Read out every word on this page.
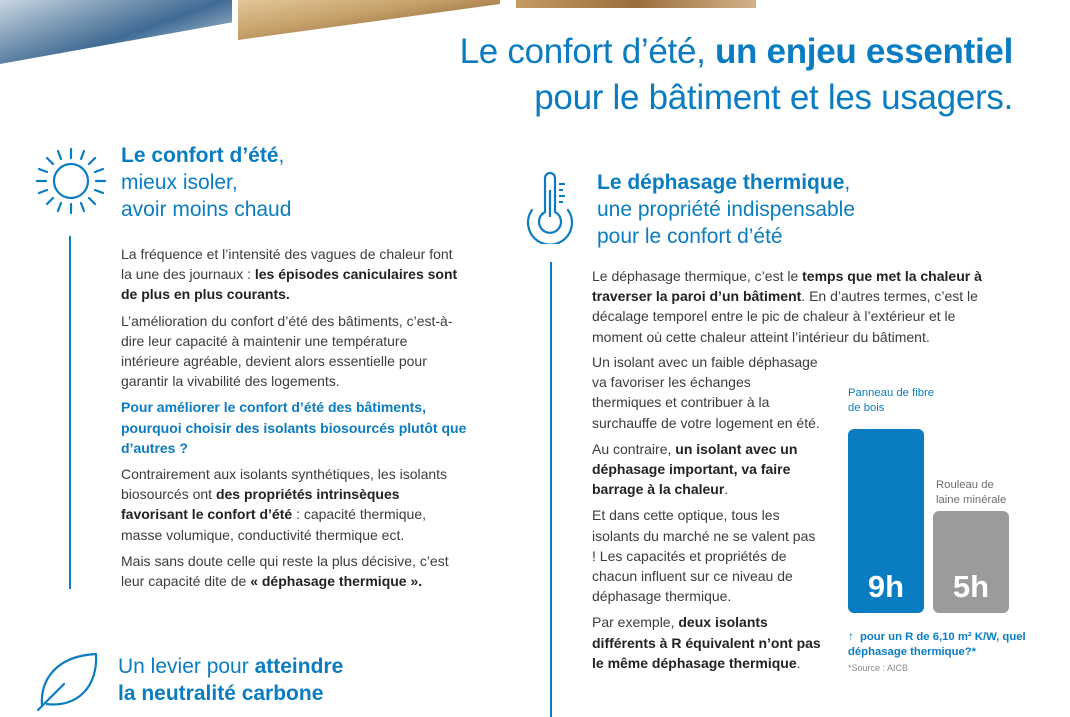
Le confort d’été, un enjeu essentiel
pour le bâtiment et les usagers.
Le confort d’été,
mieux isoler,
avoir moins chaud

La fréquence et l’intensité des vagues de chaleur font la une des journaux : les épisodes caniculaires sont de plus en plus courants.

L’amélioration du confort d’été des bâtiments, c’est-à-dire leur capacité à maintenir une température intérieure agréable, devient alors essentielle pour garantir la vivabilité des logements.

Pour améliorer le confort d’été des bâtiments, pourquoi choisir des isolants biosourcés plutôt que d’autres ?

Contrairement aux isolants synthétiques, les isolants biosourcés ont des propriétés intrinsèques favorisant le confort d’été : capacité thermique, masse volumique, conductivité thermique ect.

Mais sans doute celle qui reste la plus décisive, c’est leur capacité dite de « déphasage thermique ».

Un levier pour atteindre
la neutralité carbone
Le déphasage thermique,
une propriété indispensable
pour le confort d’été

Le déphasage thermique, c’est le temps que met la chaleur à traverser la paroi d’un bâtiment. En d’autres termes, c’est le décalage temporel entre le pic de chaleur à l’extérieur et le moment où cette chaleur atteint l’intérieur du bâtiment.

Un isolant avec un faible déphasage va favoriser les échanges thermiques et contribuer à la surchauffe de votre logement en été.

Au contraire, un isolant avec un déphasage important, va faire barrage à la chaleur.

Et dans cette optique, tous les isolants du marché ne se valent pas ! Les capacités et propriétés de chacun influent sur ce niveau de déphasage thermique.

Par exemple, deux isolants différents à R équivalent n’ont pas le même déphasage thermique.

Panneau de fibre de bois
Rouleau de laine minérale
9h	5h
↑ pour un R de 6,10 m² K/W, quel déphasage thermique?*
*Source : AICB
